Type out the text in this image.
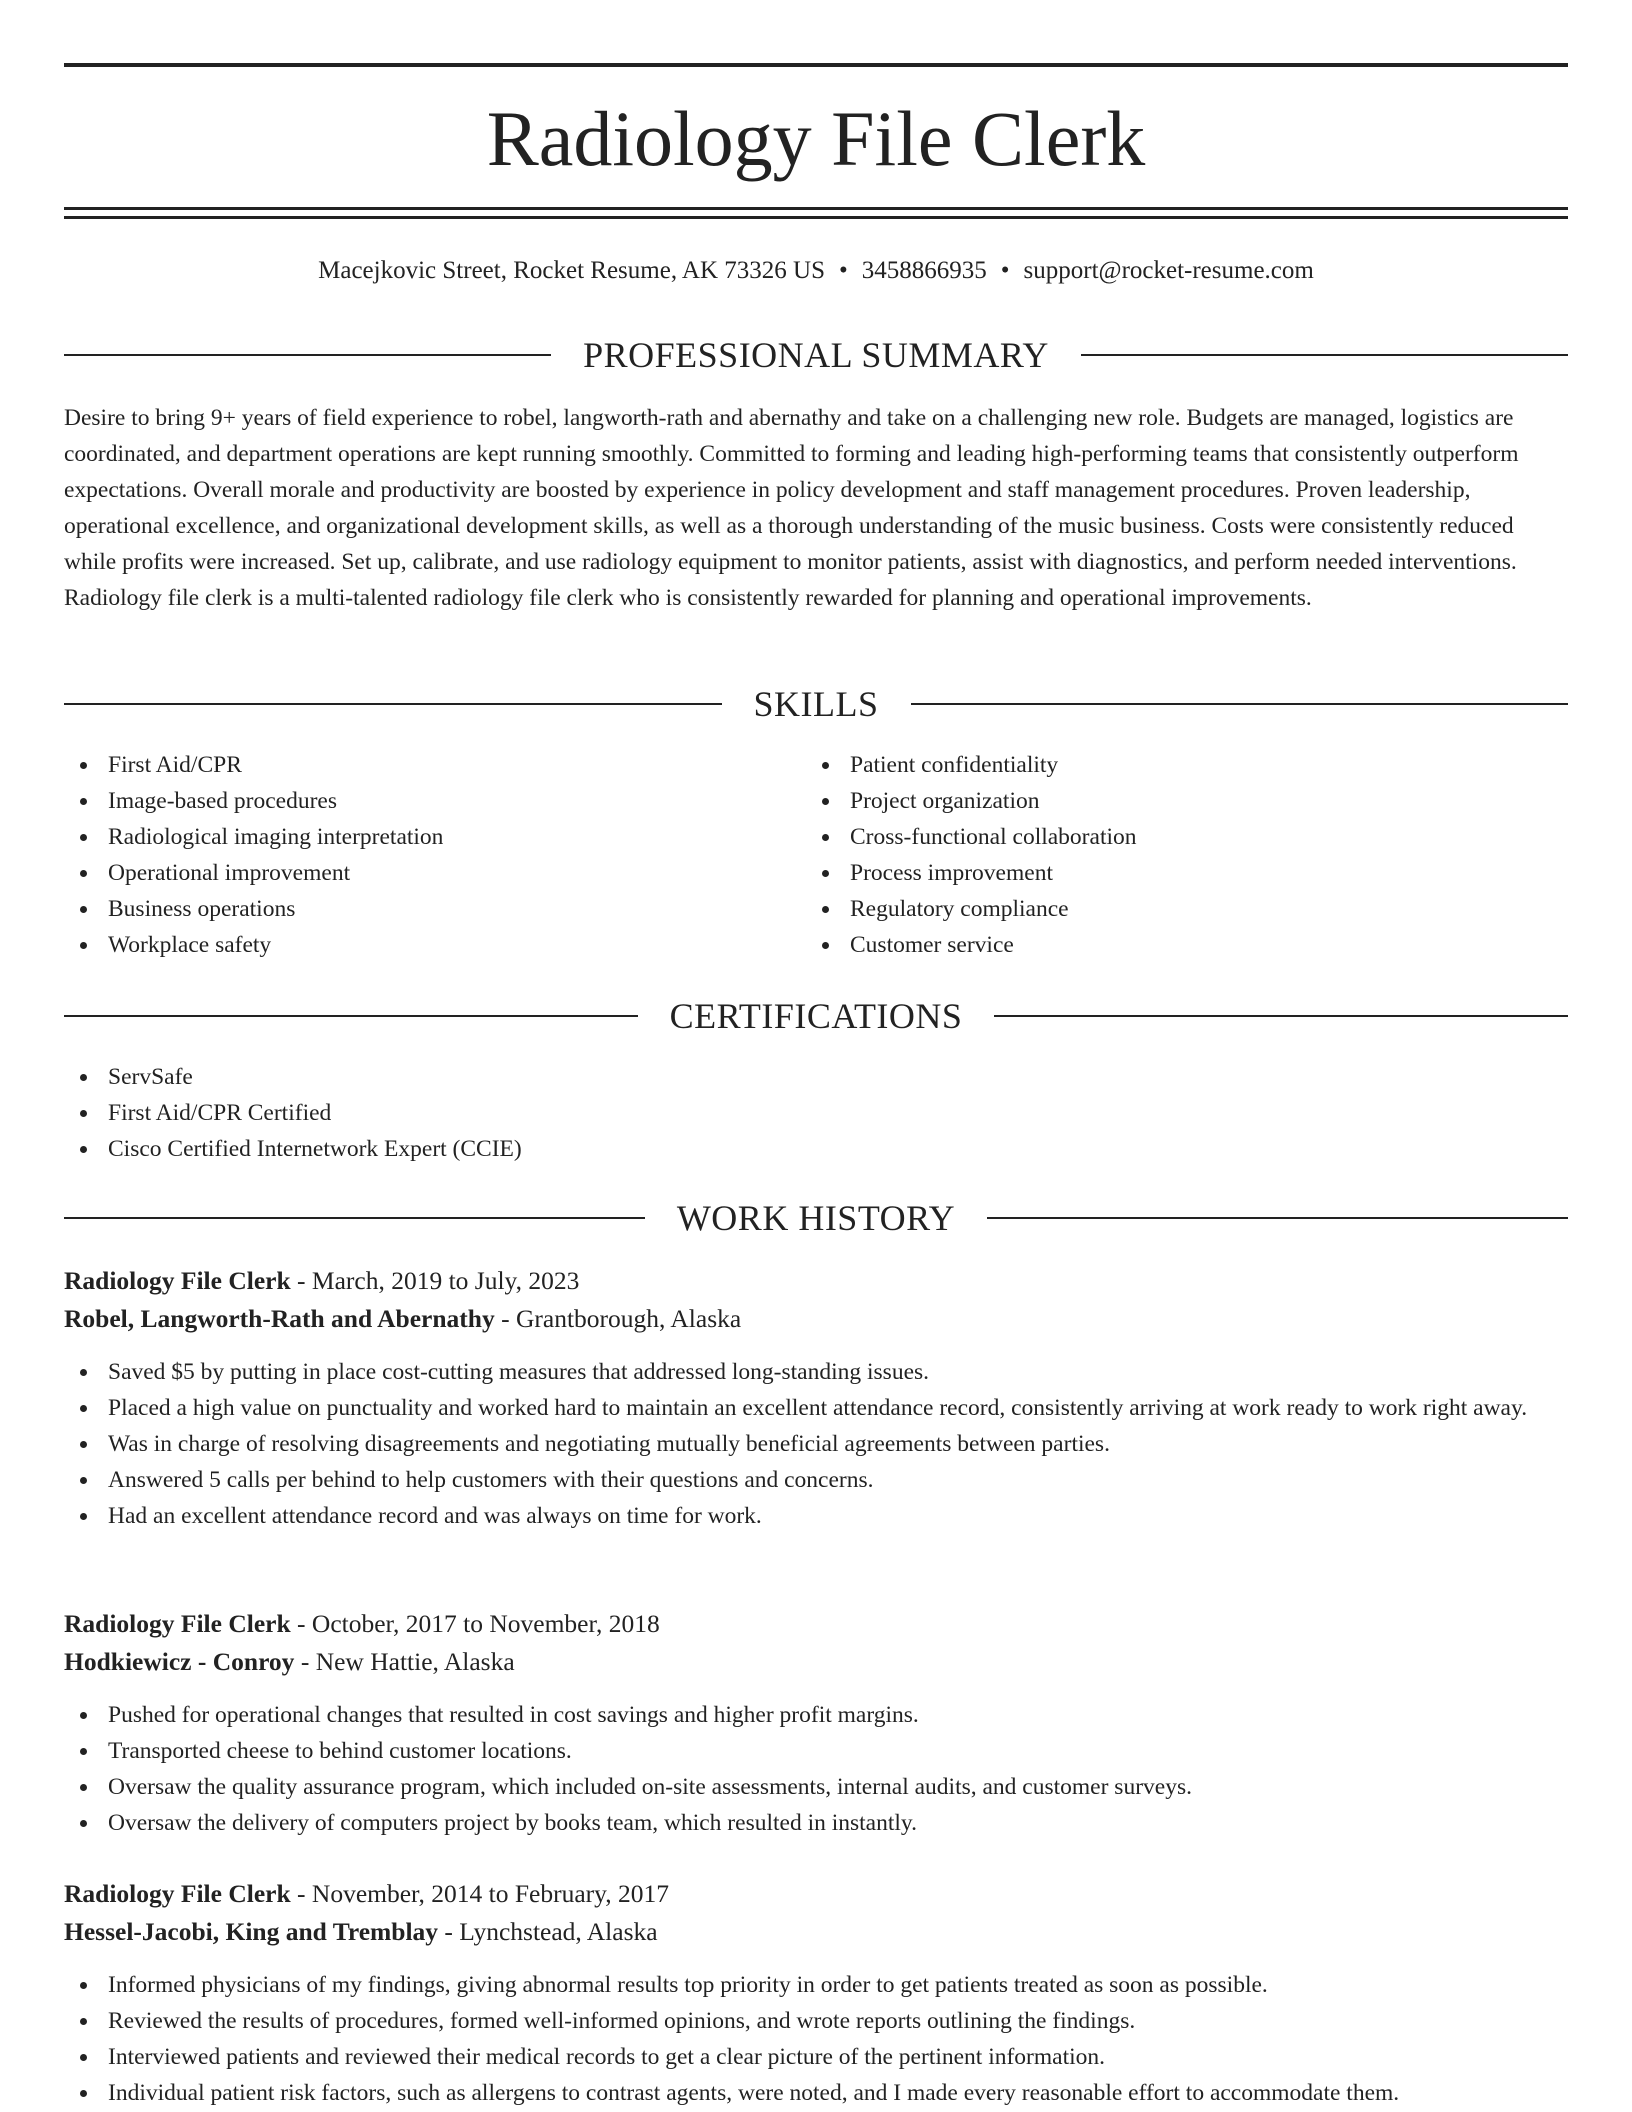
Radiology File Clerk
Macejkovic Street, Rocket Resume, AK 73326 US • 3458866935 • support@rocket-resume.com
PROFESSIONAL SUMMARY

Desire to bring 9+ years of field experience to robel, langworth-rath and abernathy and take on a challenging new role. Budgets are managed, logistics are coordinated, and department operations are kept running smoothly. Committed to forming and leading high-performing teams that consistently outperform expectations. Overall morale and productivity are boosted by experience in policy development and staff management procedures. Proven leadership, operational excellence, and organizational development skills, as well as a thorough understanding of the music business. Costs were consistently reduced while profits were increased. Set up, calibrate, and use radiology equipment to monitor patients, assist with diagnostics, and perform needed interventions. Radiology file clerk is a multi-talented radiology file clerk who is consistently rewarded for planning and operational improvements.

SKILLS
First Aid/CPR
Image-based procedures
Radiological imaging interpretation
Operational improvement
Business operations
Workplace safety
Patient confidentiality
Project organization
Cross-functional collaboration
Process improvement
Regulatory compliance
Customer service
CERTIFICATIONS
ServSafe
First Aid/CPR Certified
Cisco Certified Internetwork Expert (CCIE)
WORK HISTORY
Radiology File Clerk - March, 2019 to July, 2023
Robel, Langworth-Rath and Abernathy - Grantborough, Alaska
Saved $5 by putting in place cost-cutting measures that addressed long-standing issues.
Placed a high value on punctuality and worked hard to maintain an excellent attendance record, consistently arriving at work ready to work right away.
Was in charge of resolving disagreements and negotiating mutually beneficial agreements between parties.
Answered 5 calls per behind to help customers with their questions and concerns.
Had an excellent attendance record and was always on time for work.
Radiology File Clerk - October, 2017 to November, 2018
Hodkiewicz - Conroy - New Hattie, Alaska
Pushed for operational changes that resulted in cost savings and higher profit margins.
Transported cheese to behind customer locations.
Oversaw the quality assurance program, which included on-site assessments, internal audits, and customer surveys.
Oversaw the delivery of computers project by books team, which resulted in instantly.
Radiology File Clerk - November, 2014 to February, 2017
Hessel-Jacobi, King and Tremblay - Lynchstead, Alaska
Informed physicians of my findings, giving abnormal results top priority in order to get patients treated as soon as possible.
Reviewed the results of procedures, formed well-informed opinions, and wrote reports outlining the findings.
Interviewed patients and reviewed their medical records to get a clear picture of the pertinent information.
Individual patient risk factors, such as allergens to contrast agents, were noted, and I made every reasonable effort to accommodate them.
